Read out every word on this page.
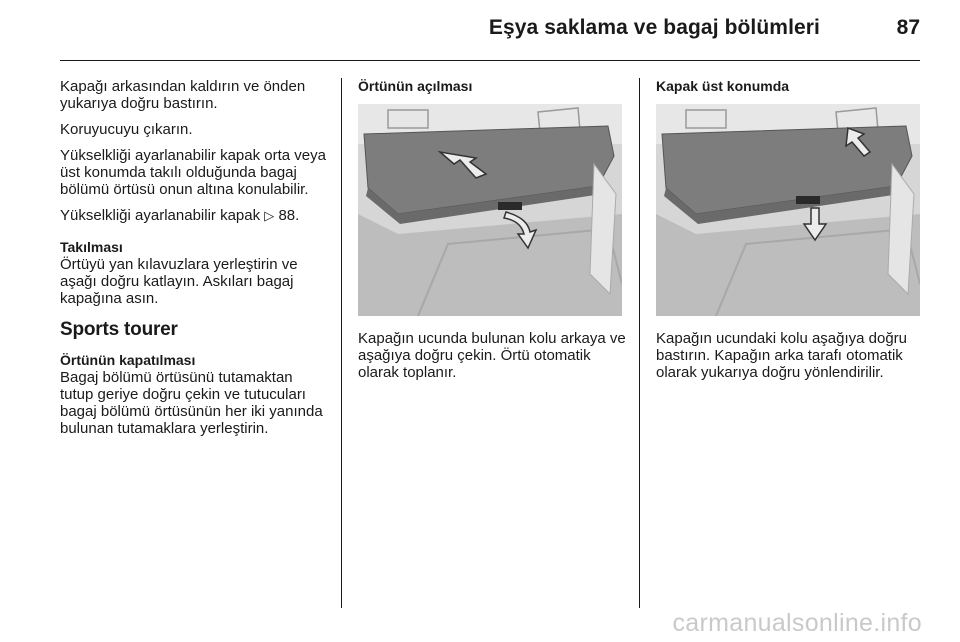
Eşya saklama ve bagaj bölümleri	87

Kapağı arkasından kaldırın ve önden yukarıya doğru bastırın.

Koruyucuyu çıkarın.

Yükselkliği ayarlanabilir kapak orta veya üst konumda takılı olduğunda bagaj bölümü örtüsü onun altına konulabilir.

Yükselkliği ayarlanabilir kapak ▷ 88.

Takılması

Örtüyü yan kılavuzlara yerleştirin ve aşağı doğru katlayın. Askıları bagaj kapağına asın.

Sports tourer
Örtünün kapatılması

Bagaj bölümü örtüsünü tutamaktan tutup geriye doğru çekin ve tutucuları bagaj bölümü örtüsünün her iki yanında bulunan tutamaklara yerleştirin.

Örtünün açılması

Kapağın ucunda bulunan kolu arkaya ve aşağıya doğru çekin. Örtü otomatik olarak toplanır.

Kapak üst konumda

Kapağın ucundaki kolu aşağıya doğru bastırın. Kapağın arka tarafı otomatik olarak yukarıya doğru yönlendirilir.

carmanualsonline.info
